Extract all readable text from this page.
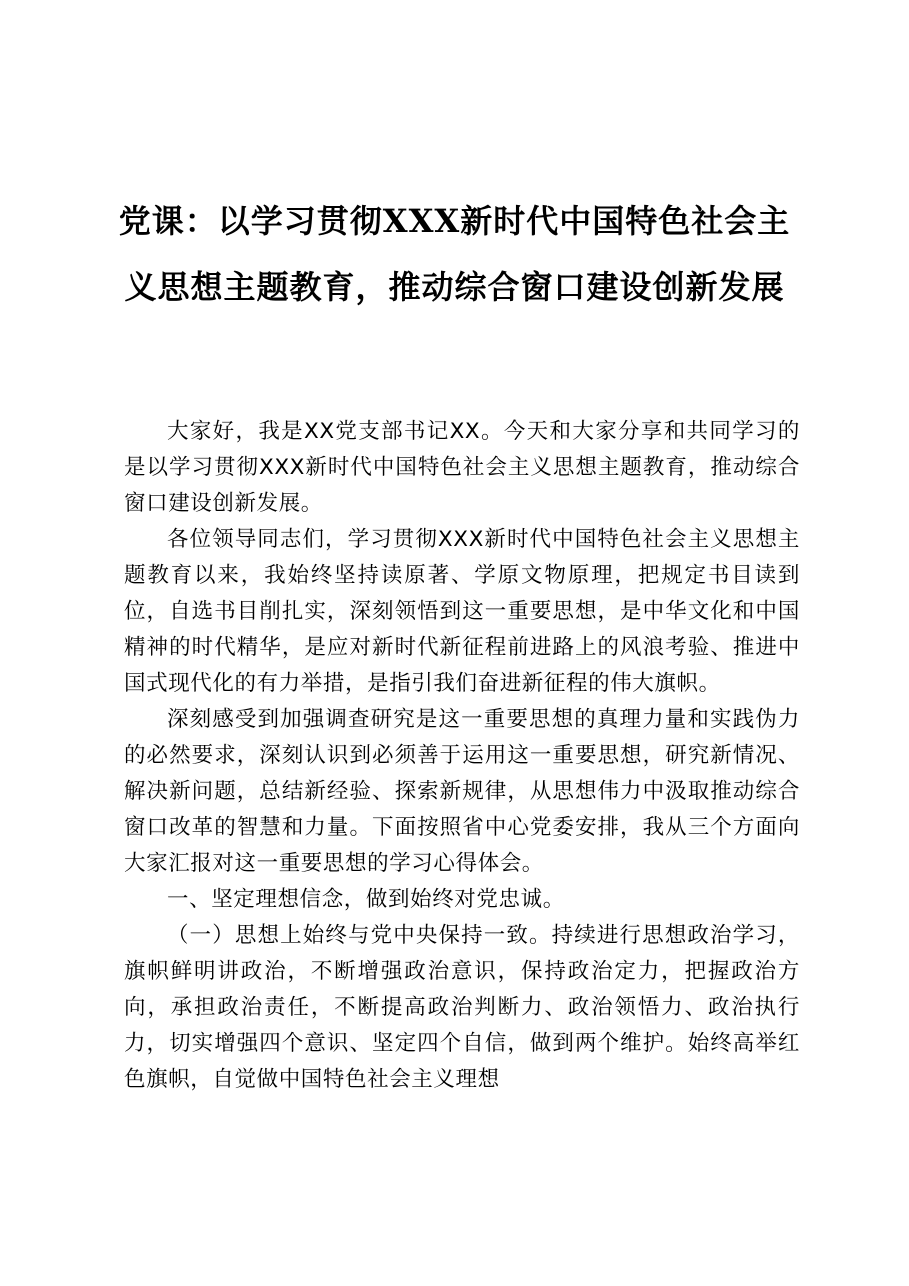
党课：以学习贯彻XXX新时代中国特色社会主义思想主题教育，推动综合窗口建设创新发展

大家好，我是XX党支部书记XX。今天和大家分享和共同学习的是以学习贯彻XXX新时代中国特色社会主义思想主题教育，推动综合窗口建设创新发展。

各位领导同志们，学习贯彻XXX新时代中国特色社会主义思想主题教育以来，我始终坚持读原著、学原文物原理，把规定书目读到位，自选书目削扎实，深刻领悟到这一重要思想，是中华文化和中国精神的时代精华，是应对新时代新征程前进路上的风浪考验、推进中国式现代化的有力举措，是指引我们奋进新征程的伟大旗帜。

深刻感受到加强调查研究是这一重要思想的真理力量和实践伪力的必然要求，深刻认识到必须善于运用这一重要思想，研究新情况、解决新问题，总结新经验、探索新规律，从思想伟力中汲取推动综合窗口改革的智慧和力量。下面按照省中心党委安排，我从三个方面向大家汇报对这一重要思想的学习心得体会。

一、坚定理想信念，做到始终对党忠诚。

（一）思想上始终与党中央保持一致。持续进行思想政治学习，旗帜鲜明讲政治，不断增强政治意识，保持政治定力，把握政治方向，承担政治责任，不断提高政治判断力、政治领悟力、政治执行力，切实增强四个意识、坚定四个自信，做到两个维护。始终高举红色旗帜，自觉做中国特色社会主义理想
